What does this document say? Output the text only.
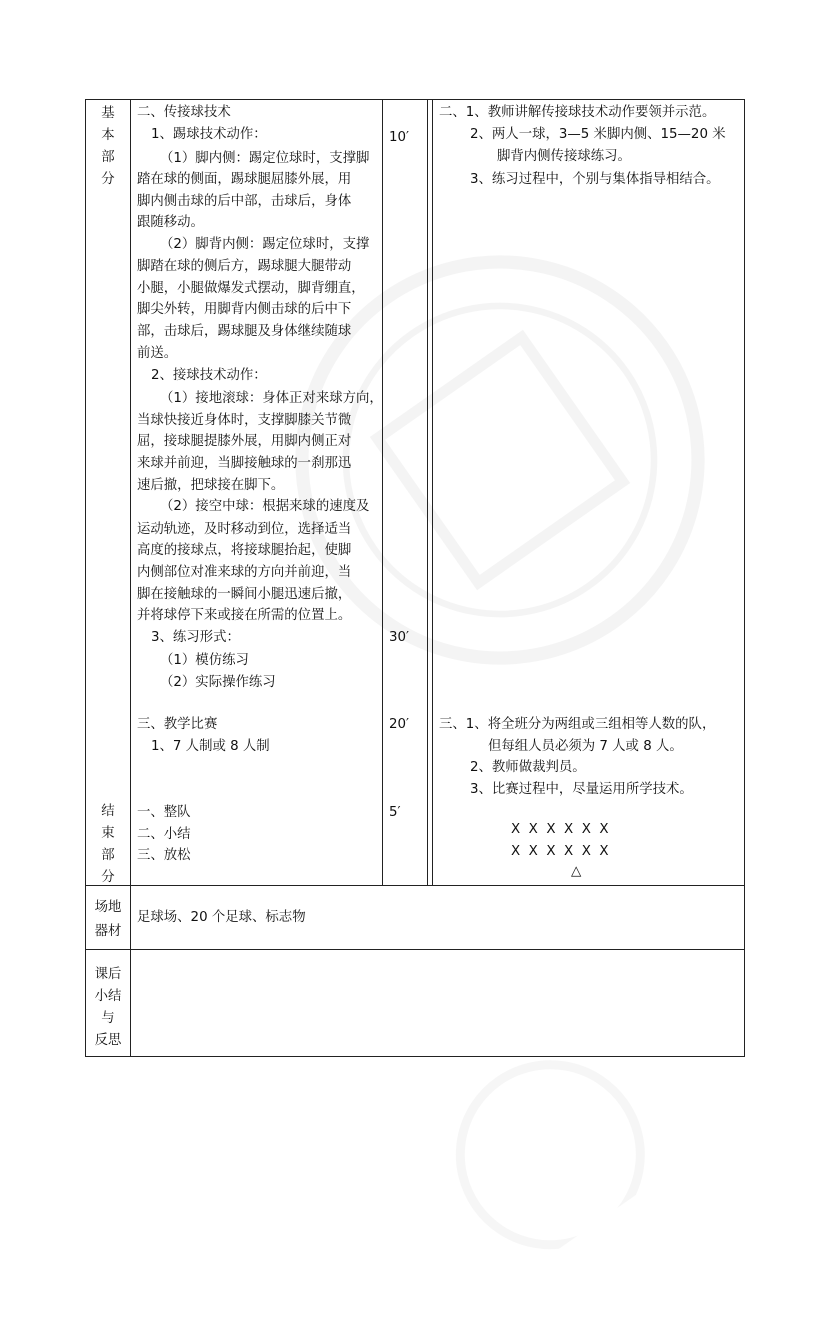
基
本
部
分
二、传接球技术
1、踢球技术动作：
（1）脚内侧：踢定位球时，支撑脚
踏在球的侧面，踢球腿屈膝外展，用
脚内侧击球的后中部，击球后，身体
跟随移动。
（2）脚背内侧：踢定位球时，支撑
脚踏在球的侧后方，踢球腿大腿带动
小腿，小腿做爆发式摆动，脚背绷直，
脚尖外转，用脚背内侧击球的后中下
部，击球后，踢球腿及身体继续随球
前送。
2、接球技术动作：
（1）接地滚球：身体正对来球方向，
当球快接近身体时，支撑脚膝关节微
屈，接球腿提膝外展，用脚内侧正对
来球并前迎，当脚接触球的一刹那迅
速后撤，把球接在脚下。
（2）接空中球：根据来球的速度及
运动轨迹，及时移动到位，选择适当
高度的接球点，将接球腿抬起，使脚
内侧部位对准来球的方向并前迎，当
脚在接触球的一瞬间小腿迅速后撤，
并将球停下来或接在所需的位置上。
3、练习形式：
（1）模仿练习
（2）实际操作练习
三、教学比赛
1、7 人制或 8 人制
10′
30′
20′
5′
二、1、教师讲解传接球技术动作要领并示范。
2、两人一球，3—5 米脚内侧、15—20 米
脚背内侧传接球练习。
3、练习过程中，个别与集体指导相结合。
三、1、将全班分为两组或三组相等人数的队，
但每组人员必须为 7 人或 8 人。
2、教师做裁判员。
3、比赛过程中，尽量运用所学技术。
X  X  X  X  X  X
X  X  X  X  X  X
△
结
束
部
分
一、整队
二、小结
三、放松
场地
器材
足球场、20 个足球、标志物
课后
小结
与
反思
